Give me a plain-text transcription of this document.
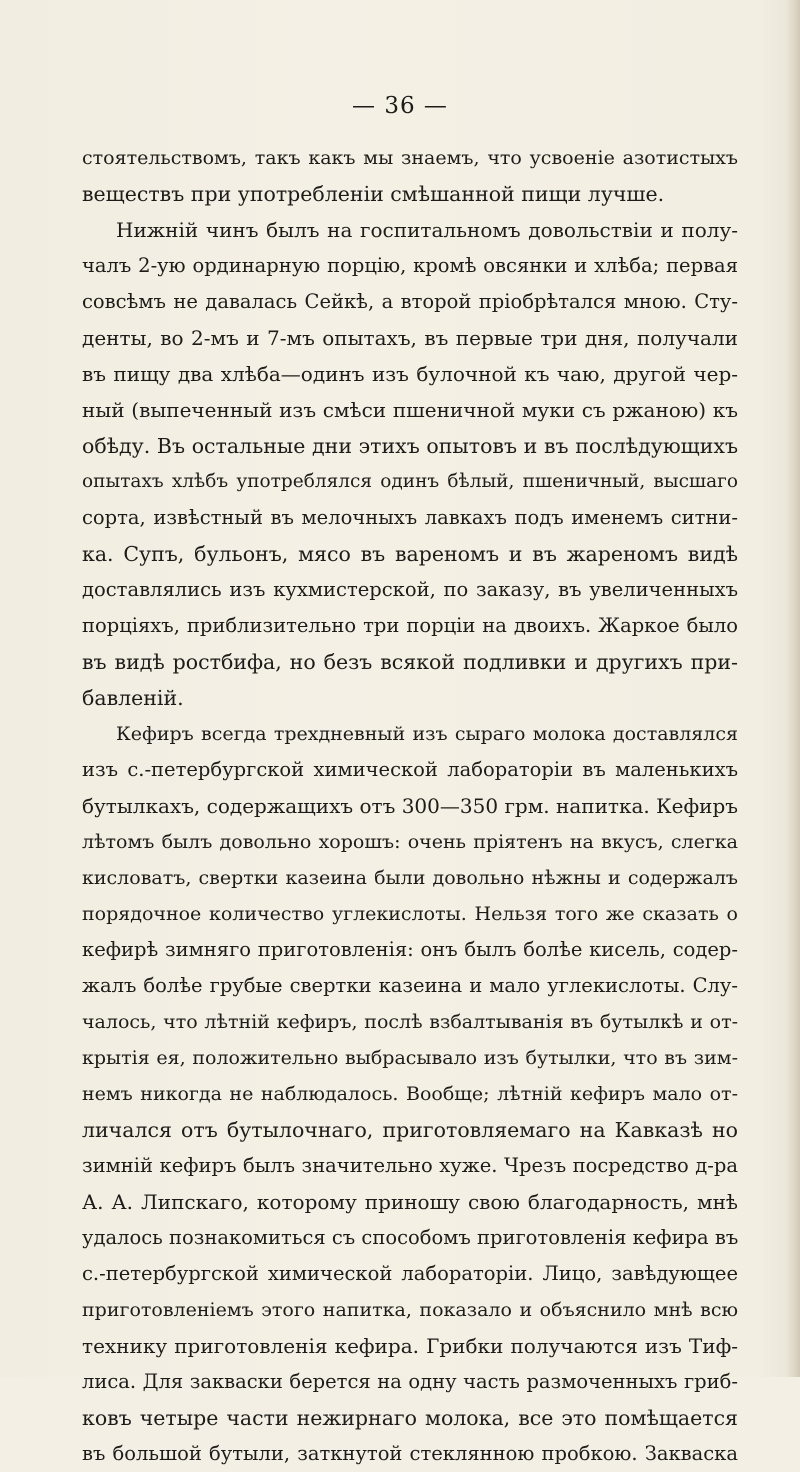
— 36 —
стоятельствомъ, такъ какъ мы знаемъ, что усвоеніе азотистыхъ
веществъ при употребленіи смѣшанной пищи лучше.
Нижній чинъ былъ на госпитальномъ довольствіи и полу-
чалъ 2-ую ординарную порцію, кромѣ овсянки и хлѣба; первая
совсѣмъ не давалась Сейкѣ, а второй пріобрѣтался мною. Сту-
денты, во 2-мъ и 7-мъ опытахъ, въ первые три дня, получали
въ пищу два хлѣба—одинъ изъ булочной къ чаю, другой чер-
ный (выпеченный изъ смѣси пшеничной муки съ ржаною) къ
обѣду. Въ остальные дни этихъ опытовъ и въ послѣдующихъ
опытахъ хлѣбъ употреблялся одинъ бѣлый, пшеничный, высшаго
сорта, извѣстный въ мелочныхъ лавкахъ подъ именемъ ситни-
ка. Супъ, бульонъ, мясо въ вареномъ и въ жареномъ видѣ
доставлялись изъ кухмистерской, по заказу, въ увеличенныхъ
порціяхъ, приблизительно три порціи на двоихъ. Жаркое было
въ видѣ ростбифа, но безъ всякой подливки и другихъ при-
бавленій.
Кефиръ всегда трехдневный изъ сыраго молока доставлялся
изъ с.-петербургской химической лабораторіи въ маленькихъ
бутылкахъ, содержащихъ отъ 300—350 грм. напитка. Кефиръ
лѣтомъ былъ довольно хорошъ: очень пріятенъ на вкусъ, слегка
кисловатъ, свертки казеина были довольно нѣжны и содержалъ
порядочное количество углекислоты. Нельзя того же сказать о
кефирѣ зимняго приготовленія: онъ былъ болѣе кисель, содер-
жалъ болѣе грубые свертки казеина и мало углекислоты. Слу-
чалось, что лѣтній кефиръ, послѣ взбалтыванія въ бутылкѣ и от-
крытія ея, положительно выбрасывало изъ бутылки, что въ зим-
немъ никогда не наблюдалось. Вообще; лѣтній кефиръ мало от-
личался отъ бутылочнаго, приготовляемаго на Кавказѣ но
зимній кефиръ былъ значительно хуже. Чрезъ посредство д-ра
А. А. Липскаго, которому приношу свою благодарность, мнѣ
удалось познакомиться съ способомъ приготовленія кефира въ
с.-петербургской химической лабораторіи. Лицо, завѣдующее
приготовленіемъ этого напитка, показало и объяснило мнѣ всю
технику приготовленія кефира. Грибки получаются изъ Тиф-
лиса. Для закваски берется на одну часть размоченныхъ гриб-
ковъ четыре части нежирнаго молока, все это помѣщается
въ большой бутыли, заткнутой стеклянною пробкою. Закваска
